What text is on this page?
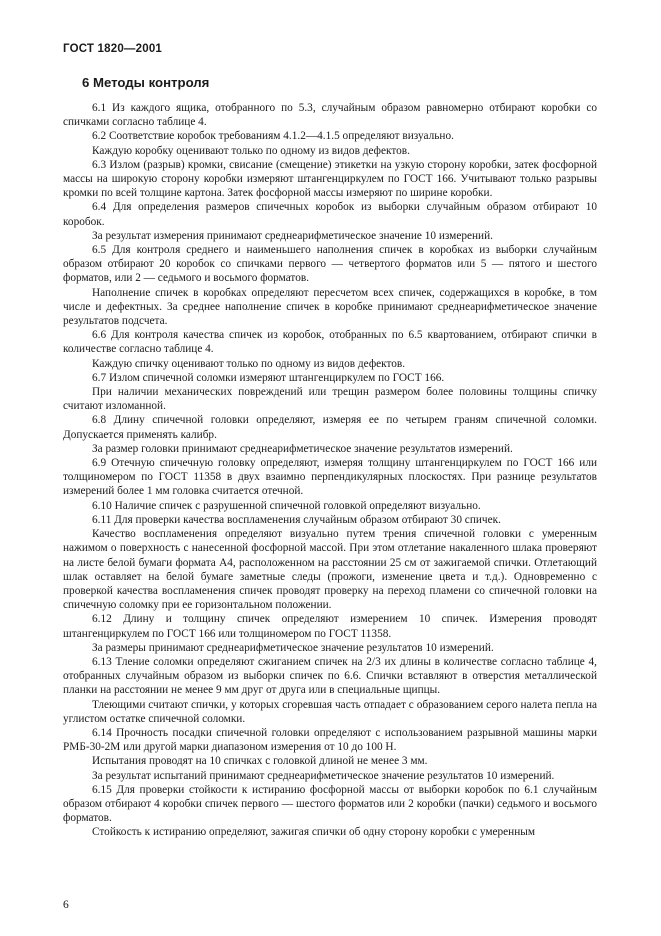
ГОСТ 1820—2001
6 Методы контроля

6.1 Из каждого ящика, отобранного по 5.3, случайным образом равномерно отбирают коробки со спичками согласно таблице 4.

6.2 Соответствие коробок требованиям 4.1.2—4.1.5 определяют визуально.

Каждую коробку оценивают только по одному из видов дефектов.

6.3 Излом (разрыв) кромки, свисание (смещение) этикетки на узкую сторону коробки, затек фосфорной массы на широкую сторону коробки измеряют штангенциркулем по ГОСТ 166. Учитывают только разрывы кромки по всей толщине картона. Затек фосфорной массы измеряют по ширине коробки.

6.4 Для определения размеров спичечных коробок из выборки случайным образом отбирают 10 коробок.

За результат измерения принимают среднеарифметическое значение 10 измерений.

6.5 Для контроля среднего и наименьшего наполнения спичек в коробках из выборки случайным образом отбирают 20 коробок со спичками первого — четвертого форматов или 5 — пятого и шестого форматов, или 2 — седьмого и восьмого форматов.

Наполнение спичек в коробках определяют пересчетом всех спичек, содержащихся в коробке, в том числе и дефектных. За среднее наполнение спичек в коробке принимают среднеарифметическое значение результатов подсчета.

6.6 Для контроля качества спичек из коробок, отобранных по 6.5 квартованием, отбирают спички в количестве согласно таблице 4.

Каждую спичку оценивают только по одному из видов дефектов.

6.7 Излом спичечной соломки измеряют штангенциркулем по ГОСТ 166.

При наличии механических повреждений или трещин размером более половины толщины спичку считают изломанной.

6.8 Длину спичечной головки определяют, измеряя ее по четырем граням спичечной соломки. Допускается применять калибр.

За размер головки принимают среднеарифметическое значение результатов измерений.

6.9 Отечную спичечную головку определяют, измеряя толщину штангенциркулем по ГОСТ 166 или толщиномером по ГОСТ 11358 в двух взаимно перпендикулярных плоскостях. При разнице результатов измерений более 1 мм головка считается отечной.

6.10 Наличие спичек с разрушенной спичечной головкой определяют визуально.

6.11 Для проверки качества воспламенения случайным образом отбирают 30 спичек.

Качество воспламенения определяют визуально путем трения спичечной головки с умеренным нажимом о поверхность с нанесенной фосфорной массой. При этом отлетание накаленного шлака проверяют на листе белой бумаги формата А4, расположенном на расстоянии 25 см от зажигаемой спички. Отлетающий шлак оставляет на белой бумаге заметные следы (прожоги, изменение цвета и т.д.). Одновременно с проверкой качества воспламенения спичек проводят проверку на переход пламени со спичечной головки на спичечную соломку при ее горизонтальном положении.

6.12 Длину и толщину спичек определяют измерением 10 спичек. Измерения проводят штангенциркулем по ГОСТ 166 или толщиномером по ГОСТ 11358.

За размеры принимают среднеарифметическое значение результатов 10 измерений.

6.13 Тление соломки определяют сжиганием спичек на 2/3 их длины в количестве согласно таблице 4, отобранных случайным образом из выборки спичек по 6.6. Спички вставляют в отверстия металлической планки на расстоянии не менее 9 мм друг от друга или в специальные щипцы.

Тлеющими считают спички, у которых сгоревшая часть отпадает с образованием серого налета пепла на углистом остатке спичечной соломки.

6.14 Прочность посадки спичечной головки определяют с использованием разрывной машины марки РМБ-30-2М или другой марки диапазоном измерения от 10 до 100 Н.

Испытания проводят на 10 спичках с головкой длиной не менее 3 мм.

За результат испытаний принимают среднеарифметическое значение результатов 10 измерений.

6.15 Для проверки стойкости к истиранию фосфорной массы от выборки коробок по 6.1 случайным образом отбирают 4 коробки спичек первого — шестого форматов или 2 коробки (пачки) седьмого и восьмого форматов.

Стойкость к истиранию определяют, зажигая спички об одну сторону коробки с умеренным

6
